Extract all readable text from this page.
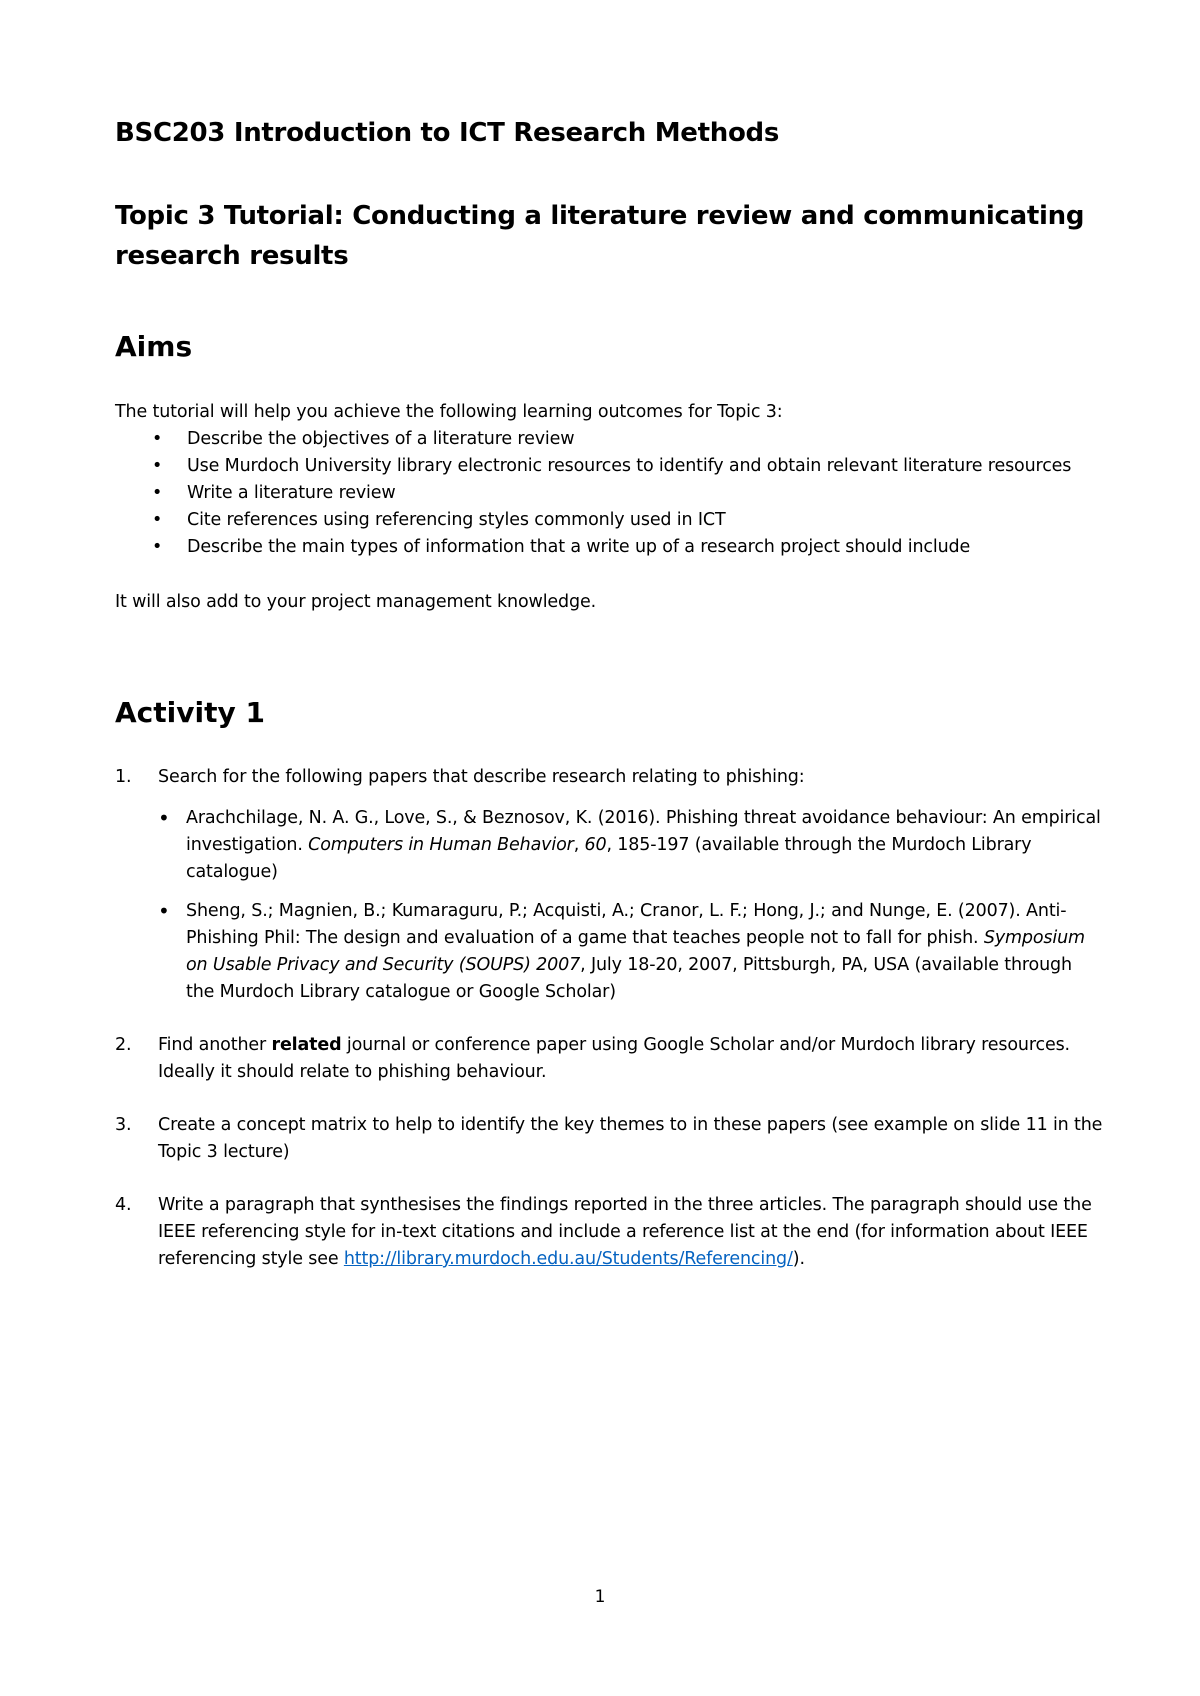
BSC203 Introduction to ICT Research Methods
Topic 3 Tutorial: Conducting a literature review and communicating research results
Aims

The tutorial will help you achieve the following learning outcomes for Topic 3:

• Describe the objectives of a literature review
• Use Murdoch University library electronic resources to identify and obtain relevant literature resources
• Write a literature review
• Cite references using referencing styles commonly used in ICT
• Describe the main types of information that a write up of a research project should include

It will also add to your project management knowledge.

Activity 1
1. Search for the following papers that describe research relating to phishing:
• Arachchilage, N. A. G., Love, S., & Beznosov, K. (2016). Phishing threat avoidance behaviour: An empirical investigation. Computers in Human Behavior, 60, 185-197 (available through the Murdoch Library catalogue)
• Sheng, S.; Magnien, B.; Kumaraguru, P.; Acquisti, A.; Cranor, L. F.; Hong, J.; and Nunge, E. (2007). Anti-Phishing Phil: The design and evaluation of a game that teaches people not to fall for phish. Symposium on Usable Privacy and Security (SOUPS) 2007, July 18-20, 2007, Pittsburgh, PA, USA (available through the Murdoch Library catalogue or Google Scholar)
2. Find another related journal or conference paper using Google Scholar and/or Murdoch library resources. Ideally it should relate to phishing behaviour.
3. Create a concept matrix to help to identify the key themes to in these papers (see example on slide 11 in the Topic 3 lecture)
4. Write a paragraph that synthesises the findings reported in the three articles. The paragraph should use the IEEE referencing style for in-text citations and include a reference list at the end (for information about IEEE referencing style see http://library.murdoch.edu.au/Students/Referencing/).
1
